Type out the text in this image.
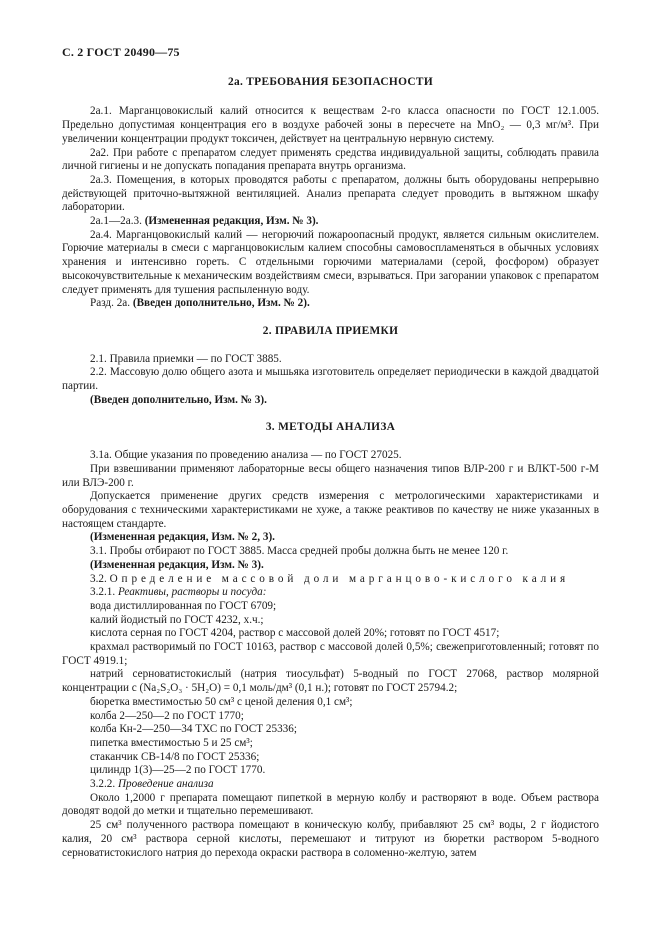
С. 2 ГОСТ 20490—75
2а. ТРЕБОВАНИЯ БЕЗОПАСНОСТИ

2а.1. Марганцовокислый калий относится к веществам 2-го класса опасности по ГОСТ 12.1.005. Предельно допустимая концентрация его в воздухе рабочей зоны в пересчете на MnO₂ — 0,3 мг/м³. При увеличении концентрации продукт токсичен, действует на центральную нервную систему.

2а2. При работе с препаратом следует применять средства индивидуальной защиты, соблюдать правила личной гигиены и не допускать попадания препарата внутрь организма.

2а.3. Помещения, в которых проводятся работы с препаратом, должны быть оборудованы непрерывно действующей приточно-вытяжной вентиляцией. Анализ препарата следует проводить в вытяжном шкафу лаборатории.

2а.1—2а.3. (Измененная редакция, Изм. № 3).

2а.4. Марганцовокислый калий — негорючий пожароопасный продукт, является сильным окислителем. Горючие материалы в смеси с марганцовокислым калием способны самовоспламеняться в обычных условиях хранения и интенсивно гореть. С отдельными горючими материалами (серой, фосфором) образует высокочувствительные к механическим воздействиям смеси, взрываться. При загорании упаковок с препаратом следует применять для тушения распыленную воду.

Разд. 2а. (Введен дополнительно, Изм. № 2).

2. ПРАВИЛА ПРИЕМКИ

2.1. Правила приемки — по ГОСТ 3885.

2.2. Массовую долю общего азота и мышьяка изготовитель определяет периодически в каждой двадцатой партии.

(Введен дополнительно, Изм. № 3).

3. МЕТОДЫ АНАЛИЗА

3.1а. Общие указания по проведению анализа — по ГОСТ 27025.

При взвешивании применяют лабораторные весы общего назначения типов ВЛР-200 г и ВЛКТ-500 г-М или ВЛЭ-200 г.

Допускается применение других средств измерения с метрологическими характеристиками и оборудования с техническими характеристиками не хуже, а также реактивов по качеству не ниже указанных в настоящем стандарте.

(Измененная редакция, Изм. № 2, 3).

3.1. Пробы отбирают по ГОСТ 3885. Масса средней пробы должна быть не менее 120 г.

(Измененная редакция, Изм. № 3).

3.2. Определение массовой доли марганцово-кислого калия

3.2.1. Реактивы, растворы и посуда:

вода дистиллированная по ГОСТ 6709;

калий йодистый по ГОСТ 4232, х.ч.;

кислота серная по ГОСТ 4204, раствор с массовой долей 20%; готовят по ГОСТ 4517;

крахмал растворимый по ГОСТ 10163, раствор с массовой долей 0,5%; свежеприготовленный; готовят по ГОСТ 4919.1;

натрий серноватистокислый (натрия тиосульфат) 5-водный по ГОСТ 27068, раствор молярной концентрации с (Na₂S₂O₃ · 5H₂O) = 0,1 моль/дм³ (0,1 н.); готовят по ГОСТ 25794.2;

бюретка вместимостью 50 см³ с ценой деления 0,1 см³;

колба 2—250—2 по ГОСТ 1770;

колба Кн-2—250—34 ТХС по ГОСТ 25336;

пипетка вместимостью 5 и 25 см³;

стаканчик СВ-14/8 по ГОСТ 25336;

цилиндр 1(3)—25—2 по ГОСТ 1770.

3.2.2. Проведение анализа

Около 1,2000 г препарата помещают пипеткой в мерную колбу и растворяют в воде. Объем раствора доводят водой до метки и тщательно перемешивают.

25 см³ полученного раствора помещают в коническую колбу, прибавляют 25 см³ воды, 2 г йодистого калия, 20 см³ раствора серной кислоты, перемешают и титруют из бюретки раствором 5-водного серноватистокислого натрия до перехода окраски раствора в соломенно-желтую, затем
